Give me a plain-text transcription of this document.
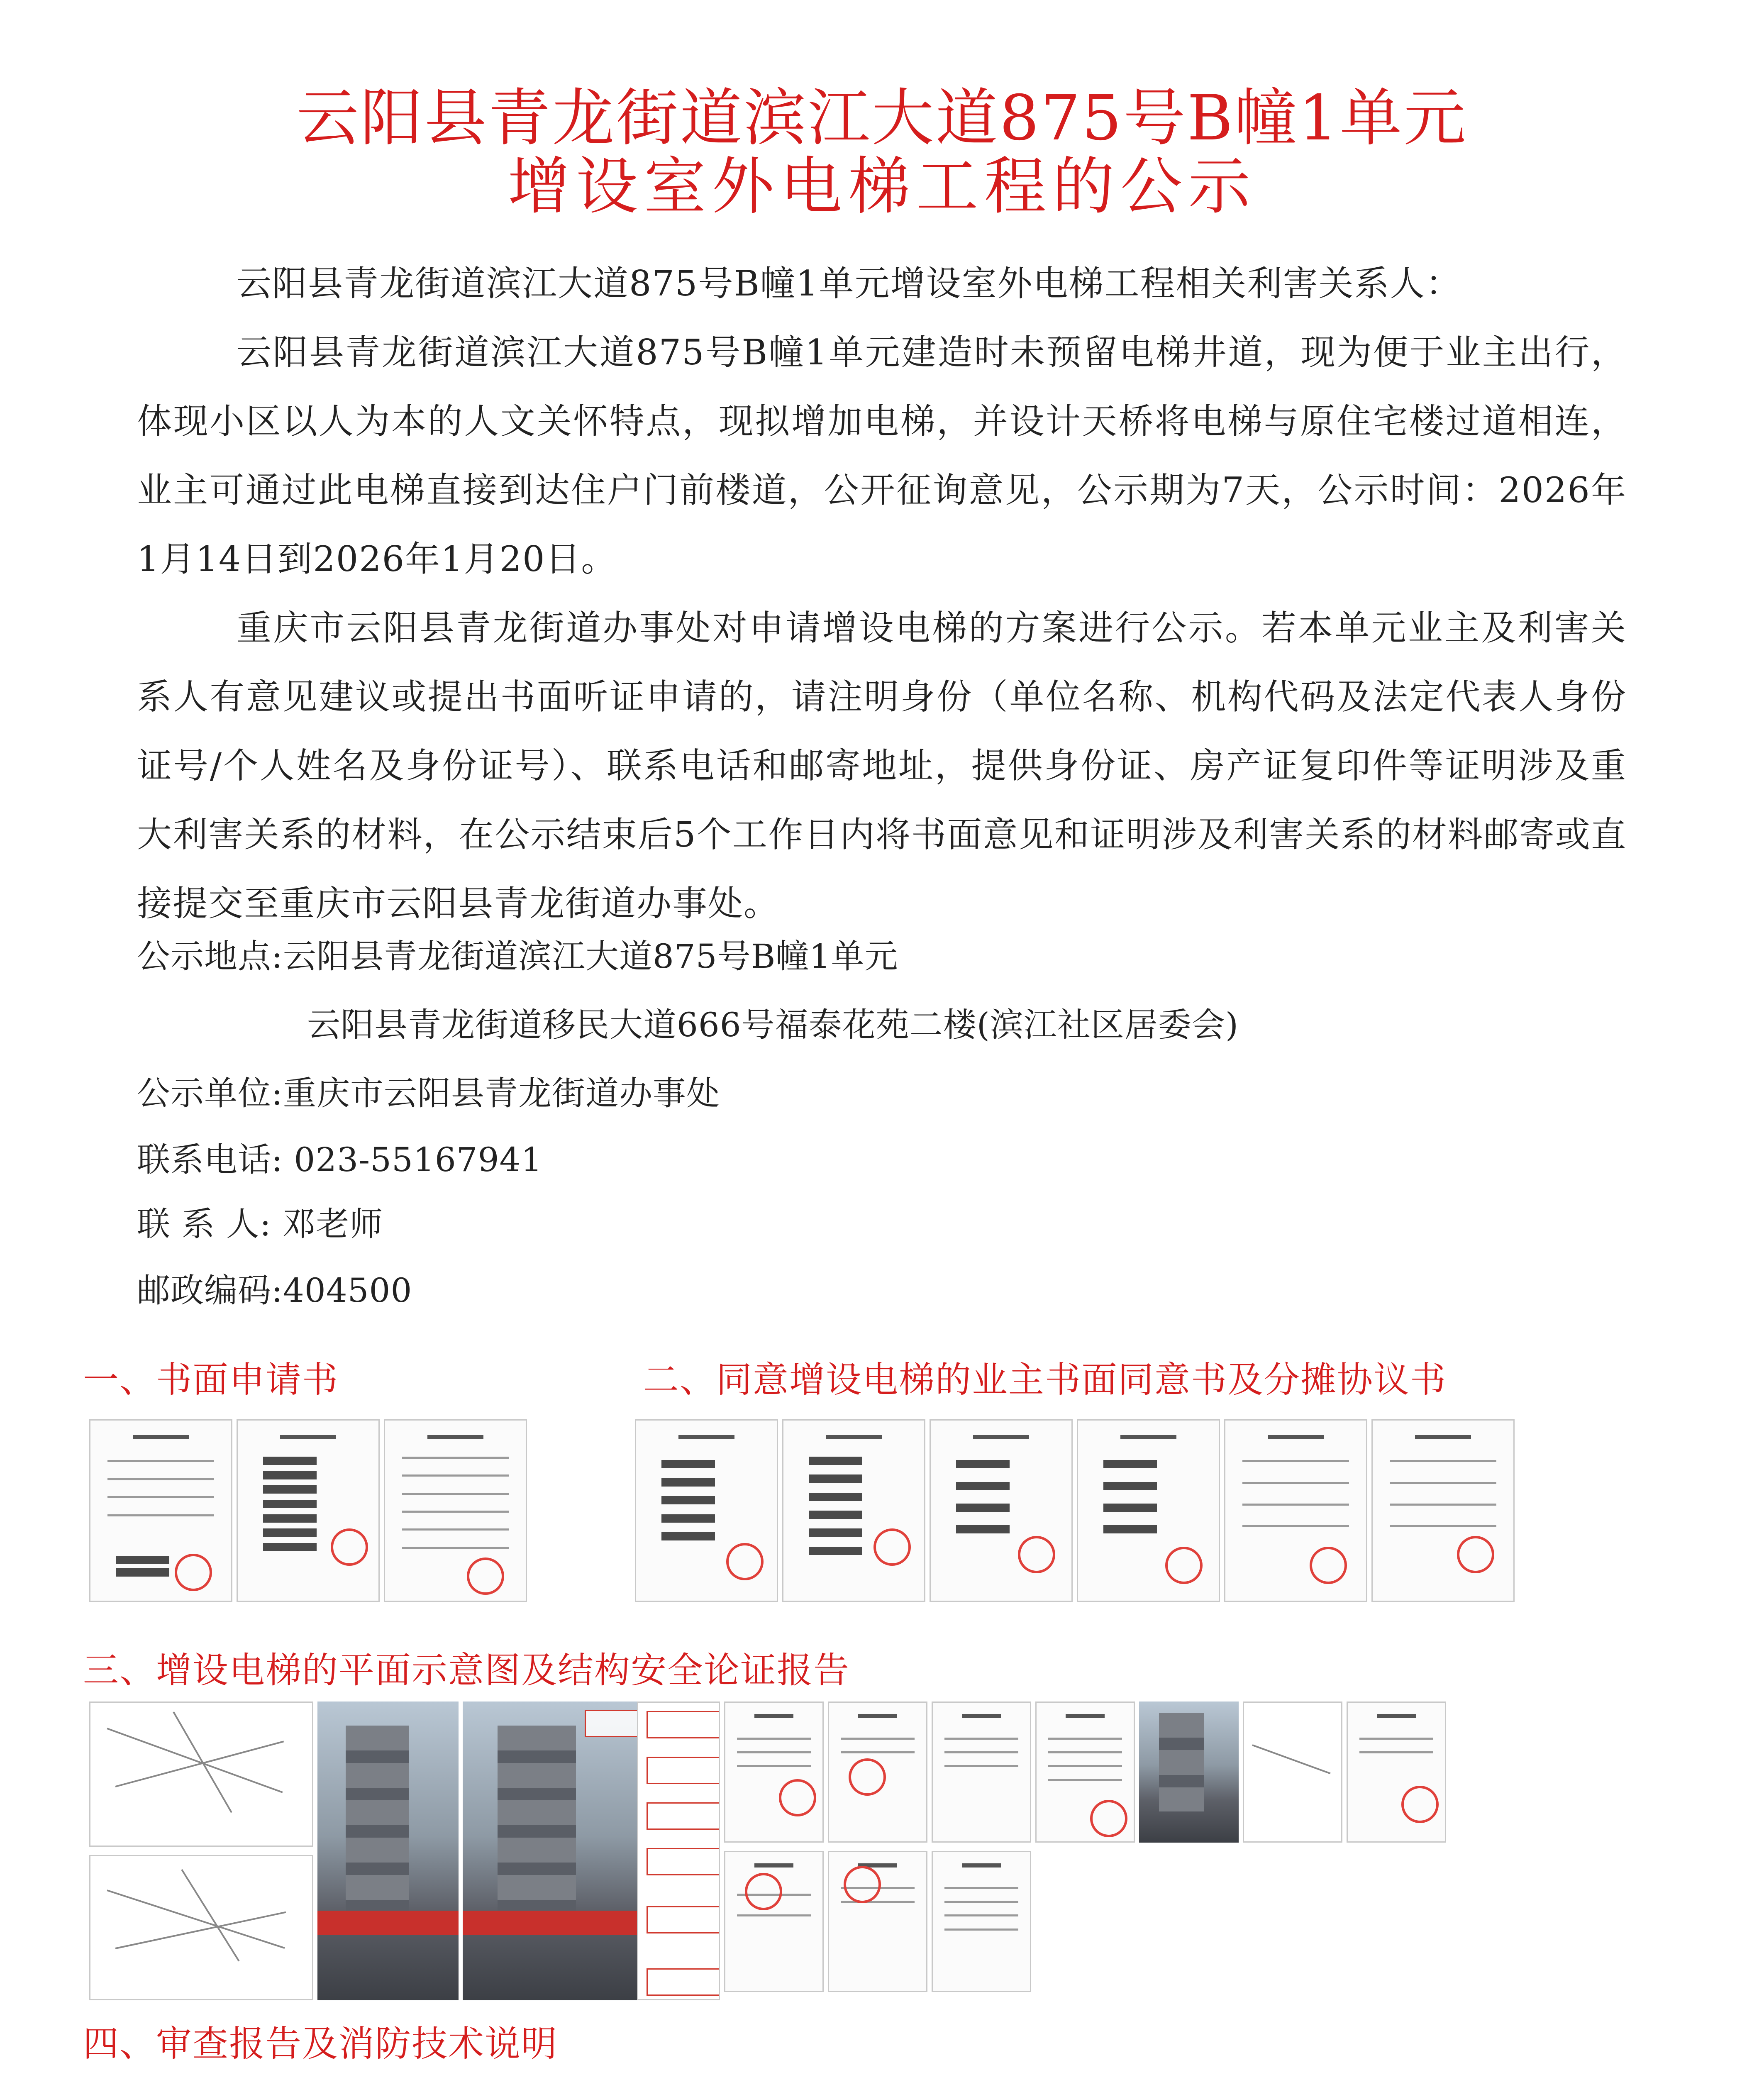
云阳县青龙街道滨江大道875号B幢1单元
增设室外电梯工程的公示

云阳县青龙街道滨江大道875号B幢1单元增设室外电梯工程相关利害关系人：

云阳县青龙街道滨江大道875号B幢1单元建造时未预留电梯井道，现为便于业主出行，体现小区以人为本的人文关怀特点，现拟增加电梯，并设计天桥将电梯与原住宅楼过道相连，业主可通过此电梯直接到达住户门前楼道，公开征询意见，公示期为7天，公示时间：2026年1月14日到2026年1月20日。

重庆市云阳县青龙街道办事处对申请增设电梯的方案进行公示。若本单元业主及利害关系人有意见建议或提出书面听证申请的，请注明身份（单位名称、机构代码及法定代表人身份证号/个人姓名及身份证号）、联系电话和邮寄地址，提供身份证、房产证复印件等证明涉及重大利害关系的材料，在公示结束后5个工作日内将书面意见和证明涉及利害关系的材料邮寄或直接提交至重庆市云阳县青龙街道办事处。

公示地点:云阳县青龙街道滨江大道875号B幢1单元
云阳县青龙街道移民大道666号福泰花苑二楼(滨江社区居委会)
公示单位:重庆市云阳县青龙街道办事处
联系电话: 023-55167941
联 系 人: 邓老师
邮政编码:404500
一、书面申请书	二、同意增设电梯的业主书面同意书及分摊协议书
三、增设电梯的平面示意图及结构安全论证报告
四、审查报告及消防技术说明
